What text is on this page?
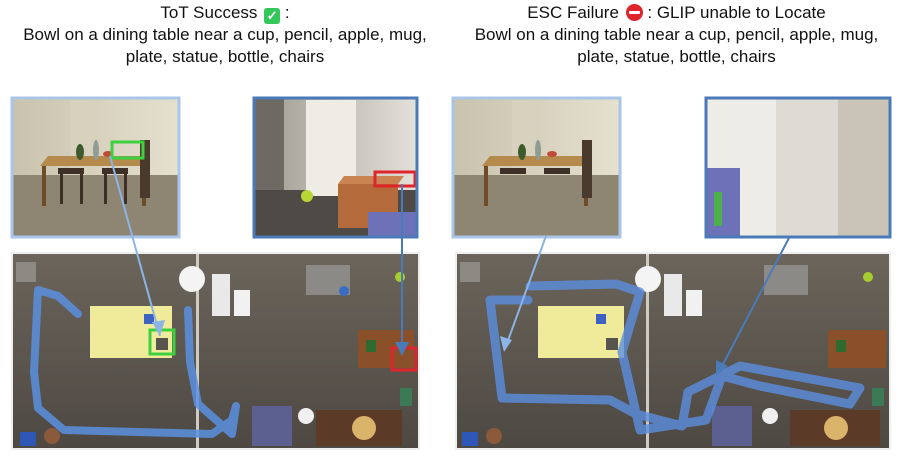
ToT Success ✓ :
Bowl on a dining table near a cup, pencil, apple, mug,
plate, statue, bottle, chairs
ESC Failure : GLIP unable to Locate
Bowl on a dining table near a cup, pencil, apple, mug,
plate, statue, bottle, chairs
